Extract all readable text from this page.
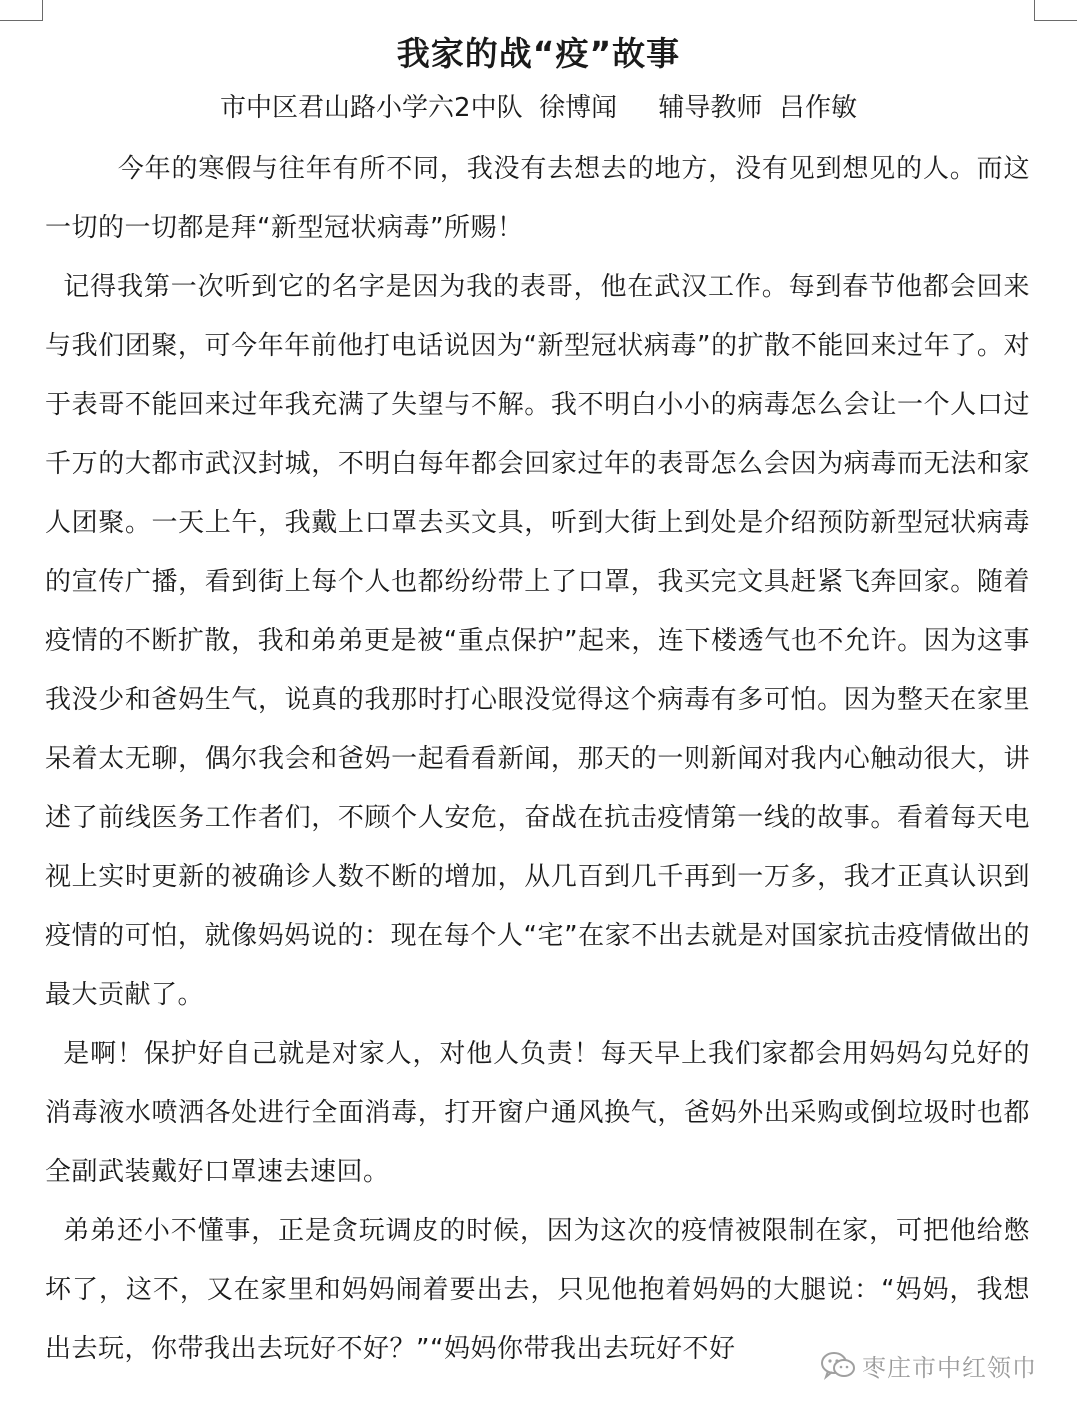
我家的战“疫”故事
市中区君山路小学六2中队  徐博闻     辅导教师  吕作敏

今年的寒假与往年有所不同，我没有去想去的地方，没有见到想见的人。而这一切的一切都是拜“新型冠状病毒”所赐！

记得我第一次听到它的名字是因为我的表哥，他在武汉工作。每到春节他都会回来与我们团聚，可今年年前他打电话说因为“新型冠状病毒”的扩散不能回来过年了。对于表哥不能回来过年我充满了失望与不解。我不明白小小的病毒怎么会让一个人口过千万的大都市武汉封城，不明白每年都会回家过年的表哥怎么会因为病毒而无法和家人团聚。一天上午，我戴上口罩去买文具，听到大街上到处是介绍预防新型冠状病毒的宣传广播，看到街上每个人也都纷纷带上了口罩，我买完文具赶紧飞奔回家。随着疫情的不断扩散，我和弟弟更是被“重点保护”起来，连下楼透气也不允许。因为这事我没少和爸妈生气，说真的我那时打心眼没觉得这个病毒有多可怕。因为整天在家里呆着太无聊，偶尔我会和爸妈一起看看新闻，那天的一则新闻对我内心触动很大，讲述了前线医务工作者们，不顾个人安危，奋战在抗击疫情第一线的故事。看着每天电视上实时更新的被确诊人数不断的增加，从几百到几千再到一万多，我才正真认识到疫情的可怕，就像妈妈说的：现在每个人“宅”在家不出去就是对国家抗击疫情做出的最大贡献了。

是啊！保护好自己就是对家人，对他人负责！每天早上我们家都会用妈妈勾兑好的消毒液水喷洒各处进行全面消毒，打开窗户通风换气，爸妈外出采购或倒垃圾时也都全副武装戴好口罩速去速回。

弟弟还小不懂事，正是贪玩调皮的时候，因为这次的疫情被限制在家，可把他给憋坏了，这不，又在家里和妈妈闹着要出去，只见他抱着妈妈的大腿说：“妈妈，我想出去玩，你带我出去玩好不好？”“妈妈你带我出去玩好不好

枣庄市中红领巾
